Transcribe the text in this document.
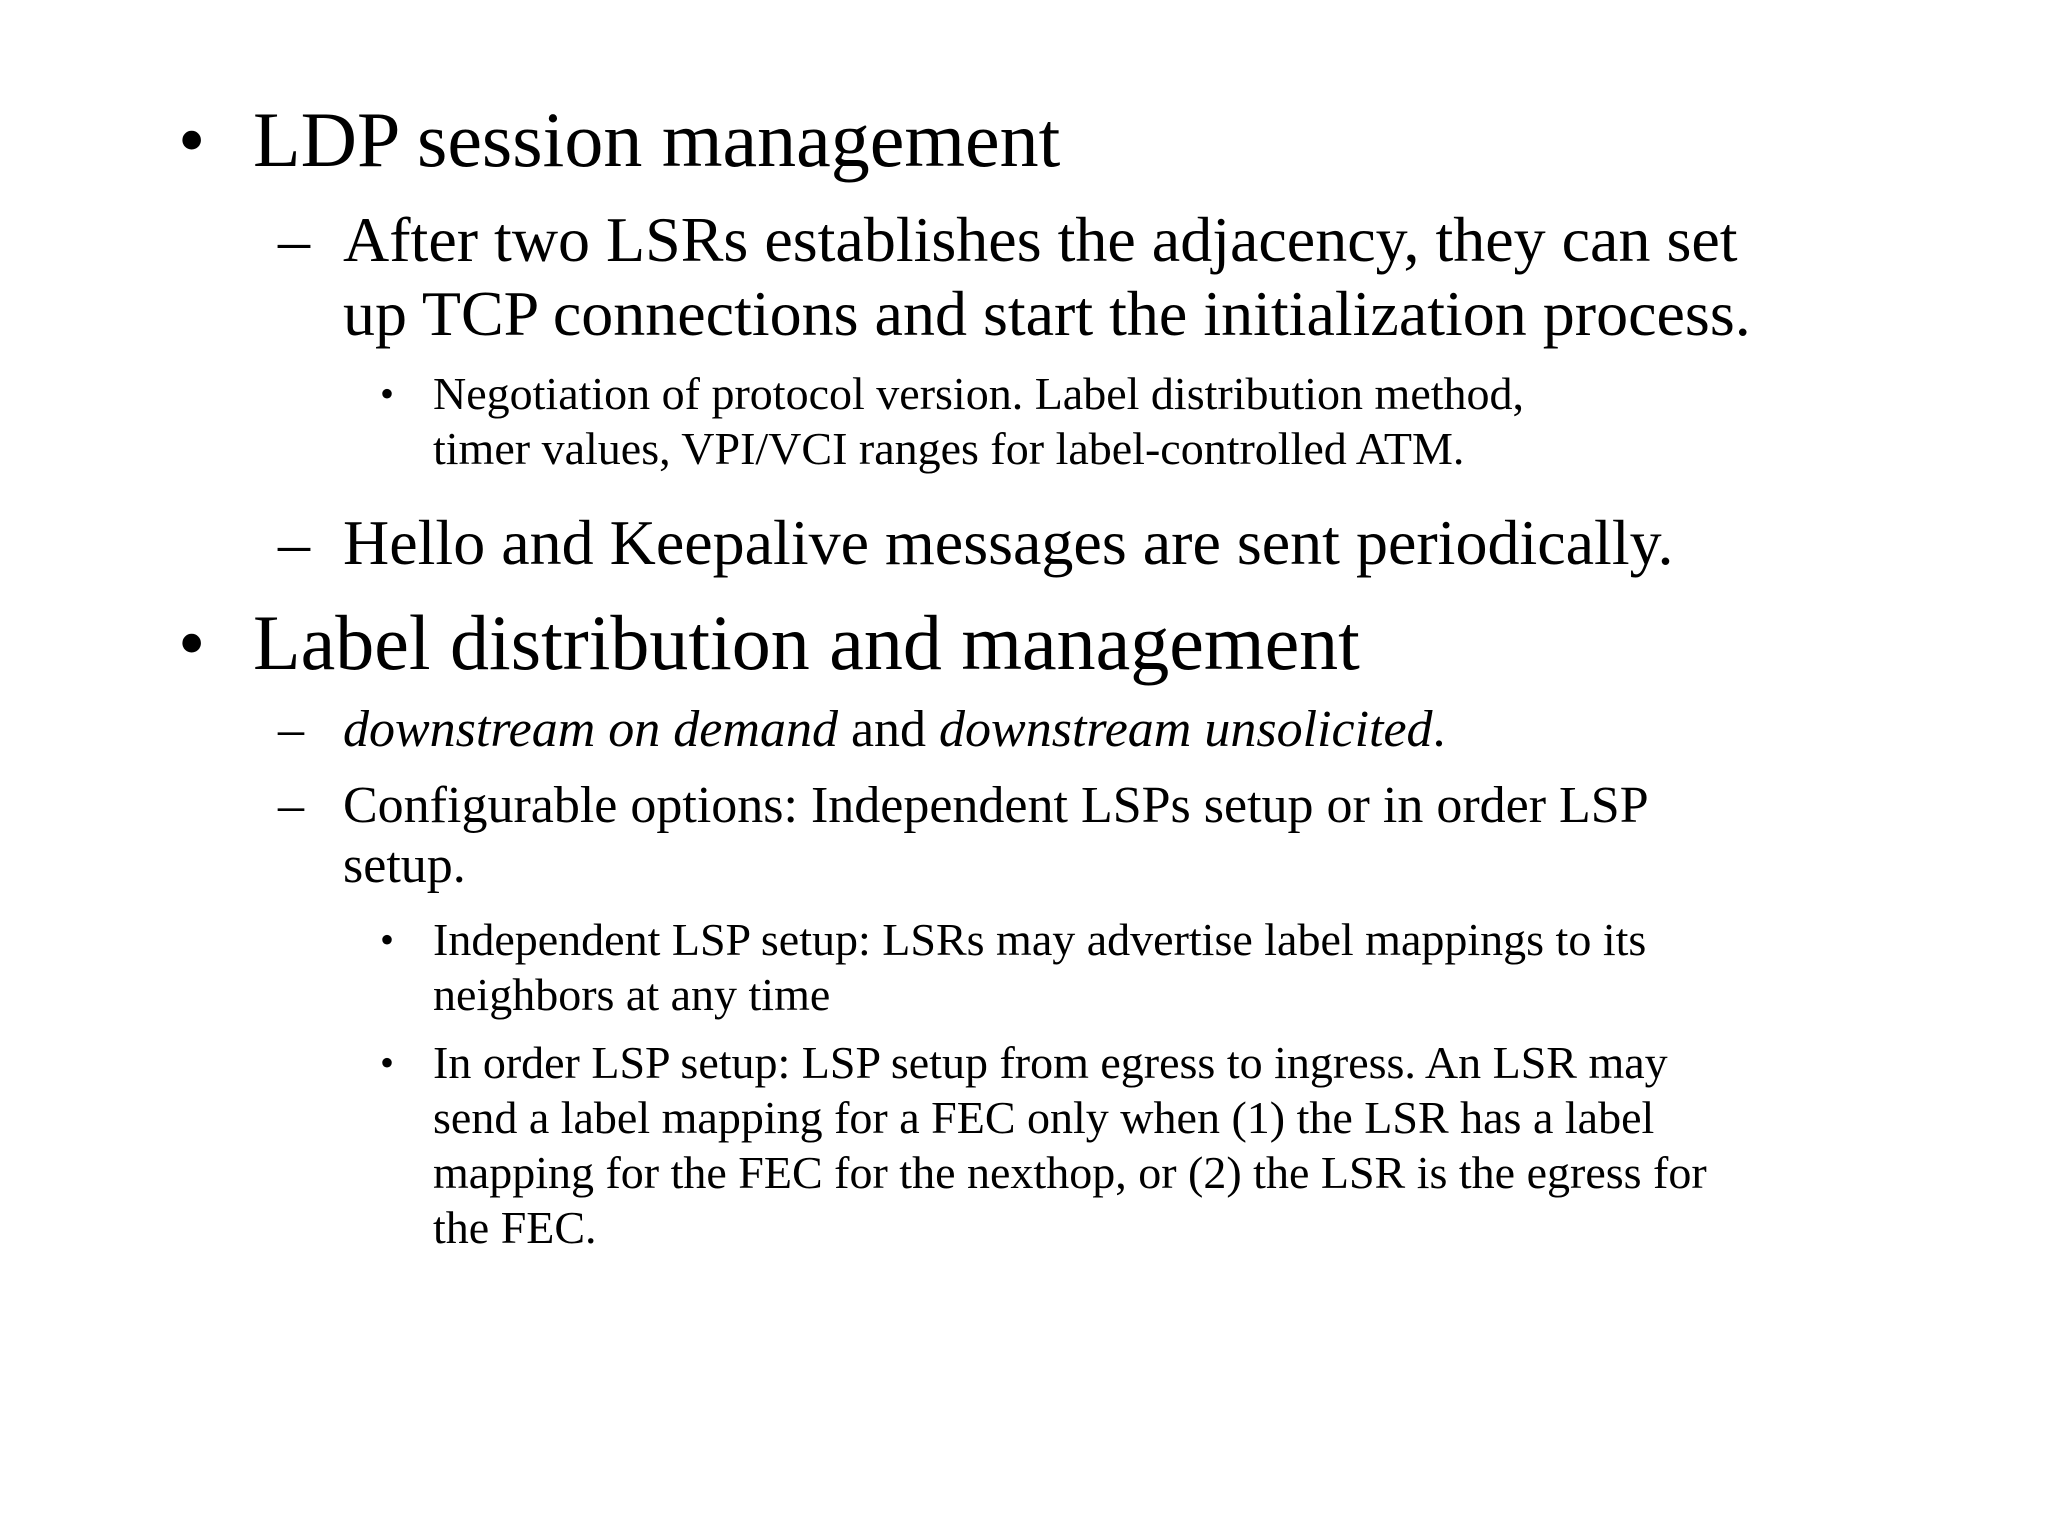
• LDP session management
– After two LSRs establishes the adjacency, they can set
up TCP connections and start the initialization process.
• Negotiation of protocol version. Label distribution method,
timer values, VPI/VCI ranges for label-controlled ATM.
– Hello and Keepalive messages are sent periodically.
• Label distribution and management
– downstream on demand and downstream unsolicited.
– Configurable options: Independent LSPs setup or in order LSP
setup.
• Independent LSP setup: LSRs may advertise label mappings to its
neighbors at any time
• In order LSP setup: LSP setup from egress to ingress. An LSR may
send a label mapping for a FEC only when (1) the LSR has a label
mapping for the FEC for the nexthop, or (2) the LSR is the egress for
the FEC.
